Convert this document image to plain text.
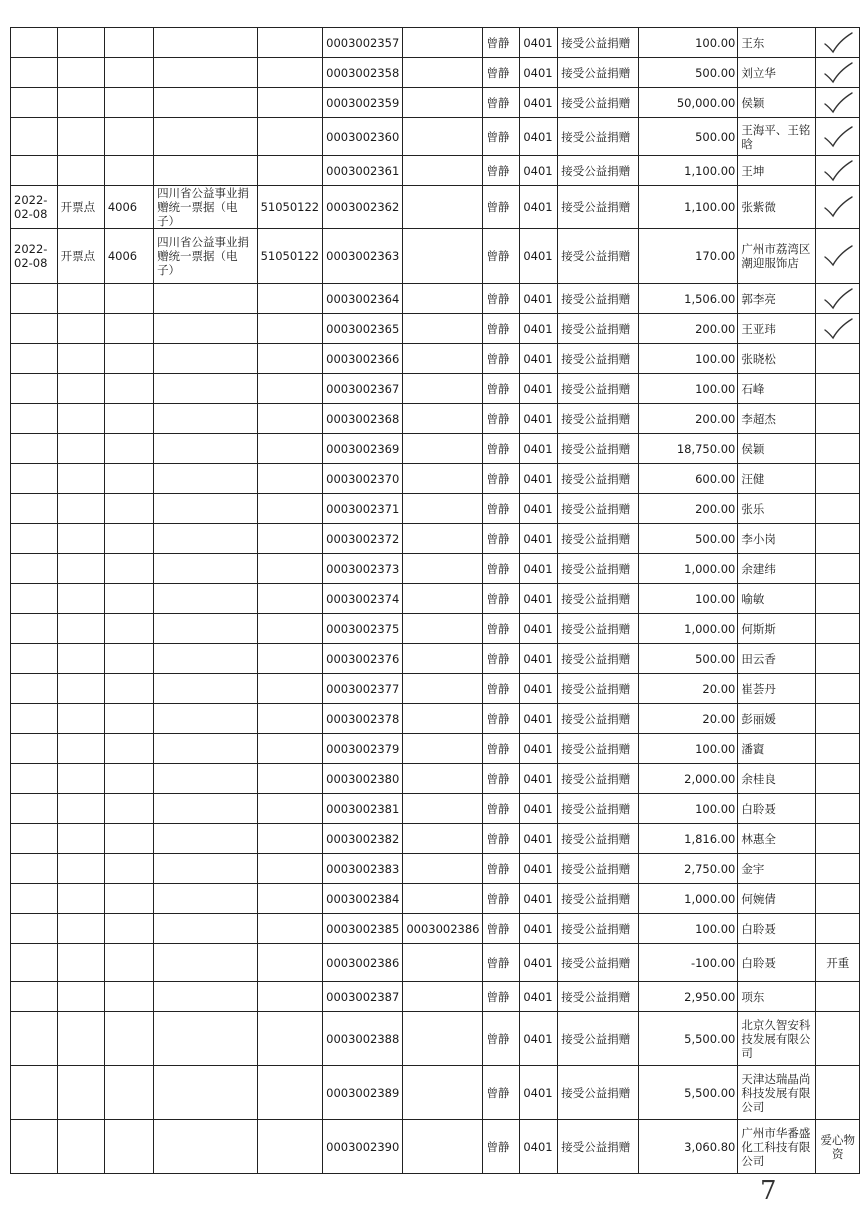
					0003002357		曾静	0401	接受公益捐赠	100.00	王东	

					0003002358		曾静	0401	接受公益捐赠	500.00	刘立华	

					0003002359		曾静	0401	接受公益捐赠	50,000.00	侯颖	

					0003002360		曾静	0401	接受公益捐赠	500.00	王海平、王铭晗	

					0003002361		曾静	0401	接受公益捐赠	1,100.00	王坤	

2022-02-08	开票点	4006	四川省公益事业捐赠统一票据（电子）	51050122	0003002362		曾静	0401	接受公益捐赠	1,100.00	张紫微	

2022-02-08	开票点	4006	四川省公益事业捐赠统一票据（电子）	51050122	0003002363		曾静	0401	接受公益捐赠	170.00	广州市荔湾区潮迎服饰店	

					0003002364		曾静	0401	接受公益捐赠	1,506.00	郭李亮	

					0003002365		曾静	0401	接受公益捐赠	200.00	王亚玮	

					0003002366		曾静	0401	接受公益捐赠	100.00	张晓松	
					0003002367		曾静	0401	接受公益捐赠	100.00	石峰	
					0003002368		曾静	0401	接受公益捐赠	200.00	李超杰	
					0003002369		曾静	0401	接受公益捐赠	18,750.00	侯颖	
					0003002370		曾静	0401	接受公益捐赠	600.00	汪健	
					0003002371		曾静	0401	接受公益捐赠	200.00	张乐	
					0003002372		曾静	0401	接受公益捐赠	500.00	李小岗	
					0003002373		曾静	0401	接受公益捐赠	1,000.00	余建纬	
					0003002374		曾静	0401	接受公益捐赠	100.00	喻敏	
					0003002375		曾静	0401	接受公益捐赠	1,000.00	何斯斯	
					0003002376		曾静	0401	接受公益捐赠	500.00	田云香	
					0003002377		曾静	0401	接受公益捐赠	20.00	崔荟丹	
					0003002378		曾静	0401	接受公益捐赠	20.00	彭丽媛	
					0003002379		曾静	0401	接受公益捐赠	100.00	潘賨	
					0003002380		曾静	0401	接受公益捐赠	2,000.00	余桂良	
					0003002381		曾静	0401	接受公益捐赠	100.00	白聆聂	
					0003002382		曾静	0401	接受公益捐赠	1,816.00	林惠全	
					0003002383		曾静	0401	接受公益捐赠	2,750.00	金宇	
					0003002384		曾静	0401	接受公益捐赠	1,000.00	何婉倩	
					0003002385	0003002386	曾静	0401	接受公益捐赠	100.00	白聆聂	
					0003002386		曾静	0401	接受公益捐赠	-100.00	白聆聂	开重
					0003002387		曾静	0401	接受公益捐赠	2,950.00	项东	
					0003002388		曾静	0401	接受公益捐赠	5,500.00	北京久智安科技发展有限公司	
					0003002389		曾静	0401	接受公益捐赠	5,500.00	天津达瑞晶尚科技发展有限公司	
					0003002390		曾静	0401	接受公益捐赠	3,060.80	广州市华番盛化工科技有限公司	爱心物资
7
